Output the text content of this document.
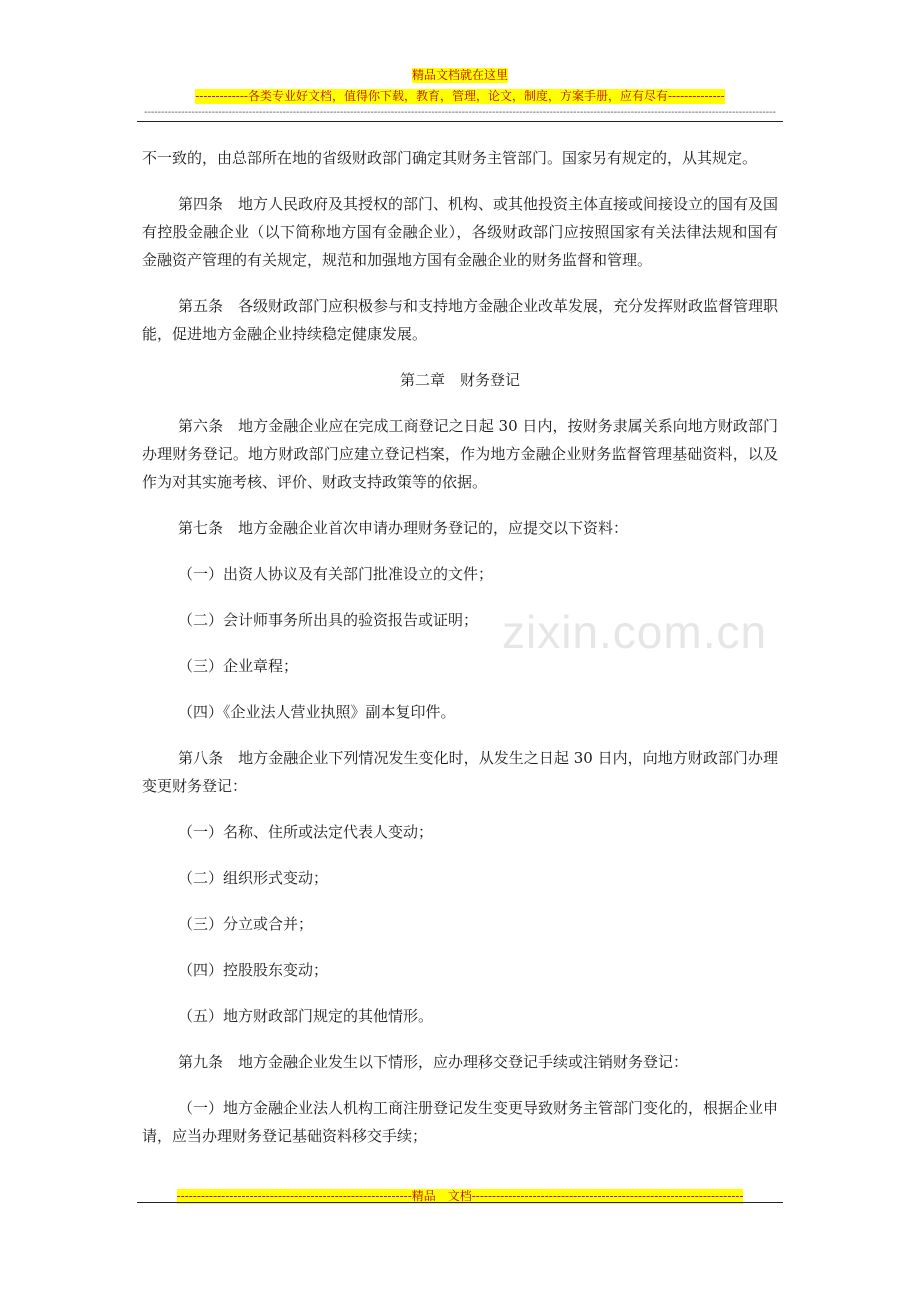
精品文档就在这里
-------------各类专业好文档，值得你下载，教育，管理，论文，制度，方案手册，应有尽有--------------
-------------------------------------------------------------------------------------------------------------------------------------------------------------------------------------------
zixin.com.cn

不一致的，由总部所在地的省级财政部门确定其财务主管部门。国家另有规定的，从其规定。

第四条　地方人民政府及其授权的部门、机构、或其他投资主体直接或间接设立的国有及国有控股金融企业（以下简称地方国有金融企业），各级财政部门应按照国家有关法律法规和国有金融资产管理的有关规定，规范和加强地方国有金融企业的财务监督和管理。

第五条　各级财政部门应积极参与和支持地方金融企业改革发展，充分发挥财政监督管理职能，促进地方金融企业持续稳定健康发展。

第二章　财务登记

第六条　地方金融企业应在完成工商登记之日起 30 日内，按财务隶属关系向地方财政部门办理财务登记。地方财政部门应建立登记档案，作为地方金融企业财务监督管理基础资料，以及作为对其实施考核、评价、财政支持政策等的依据。

第七条　地方金融企业首次申请办理财务登记的，应提交以下资料：

（一）出资人协议及有关部门批准设立的文件；

（二）会计师事务所出具的验资报告或证明；

（三）企业章程；

（四）《企业法人营业执照》副本复印件。

第八条　地方金融企业下列情况发生变化时，从发生之日起 30 日内，向地方财政部门办理变更财务登记：

（一）名称、住所或法定代表人变动；

（二）组织形式变动；

（三）分立或合并；

（四）控股股东变动；

（五）地方财政部门规定的其他情形。

第九条　地方金融企业发生以下情形，应办理移交登记手续或注销财务登记：

（一）地方金融企业法人机构工商注册登记发生变更导致财务主管部门变化的，根据企业申请，应当办理财务登记基础资料移交手续；

----------------------------------------------------------精品　文档-------------------------------------------------------------------
